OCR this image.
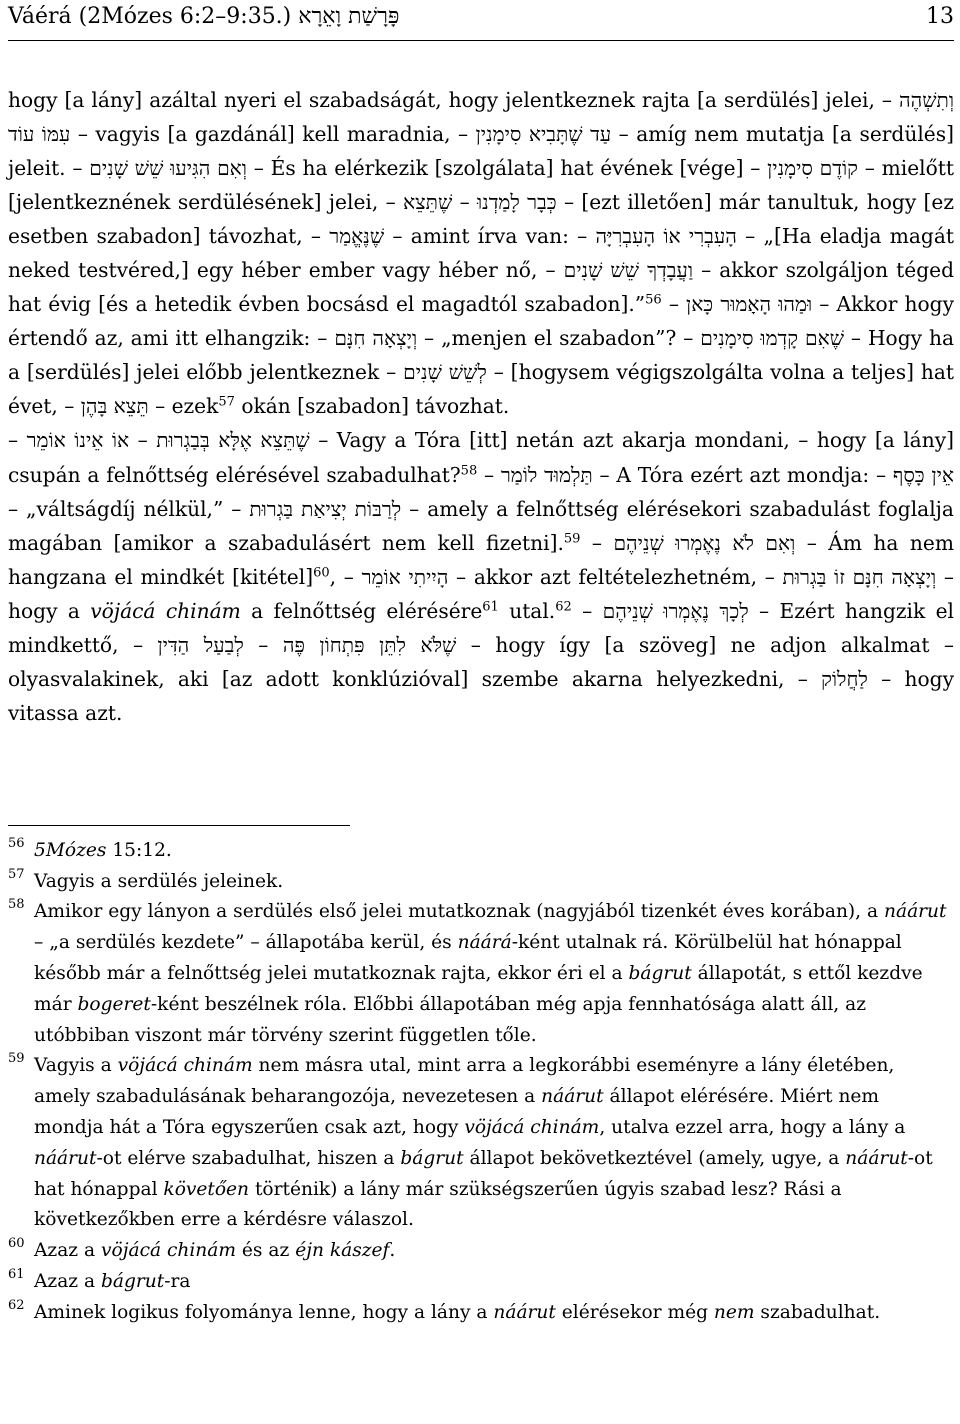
Váérá (2Mózes 6:2–9:35.) פָּרָשַׁת וָאֵרָא	13

hogy [a lány] azáltal nyeri el szabadságát, hogy jelentkeznek rajta [a serdülés] jelei, – וְתִשְׁהֶה עִמּוֹ עוֹד – vagyis [a gazdánál] kell maradnia, – עַד שֶׁתָּבִיא סִימָנִין – amíg nem mutatja [a serdülés] jeleit. – וְאִם הִגִּיעוּ שֵׁשׁ שָׁנִים – És ha elérkezik [szolgálata] hat évének [vége] – קוֹדֶם סִימָנִין – mielőtt [jelentkeznének serdülésének] jelei, – כְּבָר לָמַדְנוּ – שֶׁתֵּצֵא – [ezt illetően] már tanultuk, hogy [ez esetben szabadon] távozhat, – שֶׁנֶּאֱמַר – amint írva van: – הָעִבְרִי אוֹ הָעִבְרִיָּה – „[Ha eladja magát neked testvéred,] egy héber ember vagy héber nő, – וַעֲבָדְךָ שֵׁשׁ שָׁנִים – akkor szolgáljon téged hat évig [és a hetedik évben bocsásd el magadtól szabadon].”$^{56}$ – וּמַהוּ הָאָמוּר כָּאן – Akkor hogy értendő az, ami itt elhangzik: – וְיָצְאָה חִנָּם – „menjen el szabadon”? – שֶׁאִם קָדְמוּ סִימָנִים – Hogy ha a [serdülés] jelei előbb jelentkeznek – לְשֵׁשׁ שָׁנִים – [hogysem végigszolgálta volna a teljes] hat évet, – תֵּצֵא בָּהֶן – ezek$^{57}$ okán [szabadon] távozhat.

– שֶׁתֵּצֵא אֶלָּא בְּבַגְרוּת – אוֹ אֵינוֹ אוֹמֵר – Vagy a Tóra [itt] netán azt akarja mondani, – hogy [a lány] csupán a felnőttség elérésével szabadulhat?$^{58}$ – תַּלְמוּד לוֹמַר – A Tóra ezért azt mondja: – אֵין כָּסֶף – „váltságdíj nélkül,” – לְרַבּוֹת יְצִיאַת בַּגְרוּת – amely a felnőttség elérésekori szabadulást foglalja magában [amikor a szabadulásért nem kell fizetni].$^{59}$ – וְאִם לֹא נֶאֶמְרוּ שְׁנֵיהֶם – Ám ha nem hangzana el mindkét [kitétel]$^{60}$, – הָיִיתִי אוֹמֵר – akkor azt feltételezhetném, – וְיָצְאָה חִנָּם זוֹ בַּגְרוּת – hogy a vöjácá chinám a felnőttség elérésére$^{61}$ utal.$^{62}$ – לְכָךְ נֶאֶמְרוּ שְׁנֵיהֶם – Ezért hangzik el mindkettő, – שֶׁלֹּא לִתֵּן פִּתְחוֹן פֶּה – לְבַעַל הַדִּין – hogy így [a szöveg] ne adjon alkalmat – olyasvalakinek, aki [az adott konklúzióval] szembe akarna helyezkedni, – לַחֲלוֹק – hogy vitassa azt.

56 5Mózes 15:12.

57 Vagyis a serdülés jeleinek.

58 Amikor egy lányon a serdülés első jelei mutatkoznak (nagyjából tizenkét éves korában), a náárut – „a serdülés kezdete” – állapotába kerül, és náárá-ként utalnak rá. Körülbelül hat hónappal később már a felnőttség jelei mutatkoznak rajta, ekkor éri el a bágrut állapotát, s ettől kezdve már bogeret-ként beszélnek róla. Előbbi állapotában még apja fennhatósága alatt áll, az utóbbiban viszont már törvény szerint független tőle.

59 Vagyis a vöjácá chinám nem másra utal, mint arra a legkorábbi eseményre a lány életében, amely szabadulásának beharangozója, nevezetesen a náárut állapot elérésére. Miért nem mondja hát a Tóra egyszerűen csak azt, hogy vöjácá chinám, utalva ezzel arra, hogy a lány a náárut-ot elérve szabadulhat, hiszen a bágrut állapot bekövetkeztével (amely, ugye, a náárut-ot hat hónappal követően történik) a lány már szükségszerűen úgyis szabad lesz? Rási a következőkben erre a kérdésre válaszol.

60 Azaz a vöjácá chinám és az éjn kászef.

61 Azaz a bágrut-ra

62 Aminek logikus folyománya lenne, hogy a lány a náárut elérésekor még nem szabadulhat.
